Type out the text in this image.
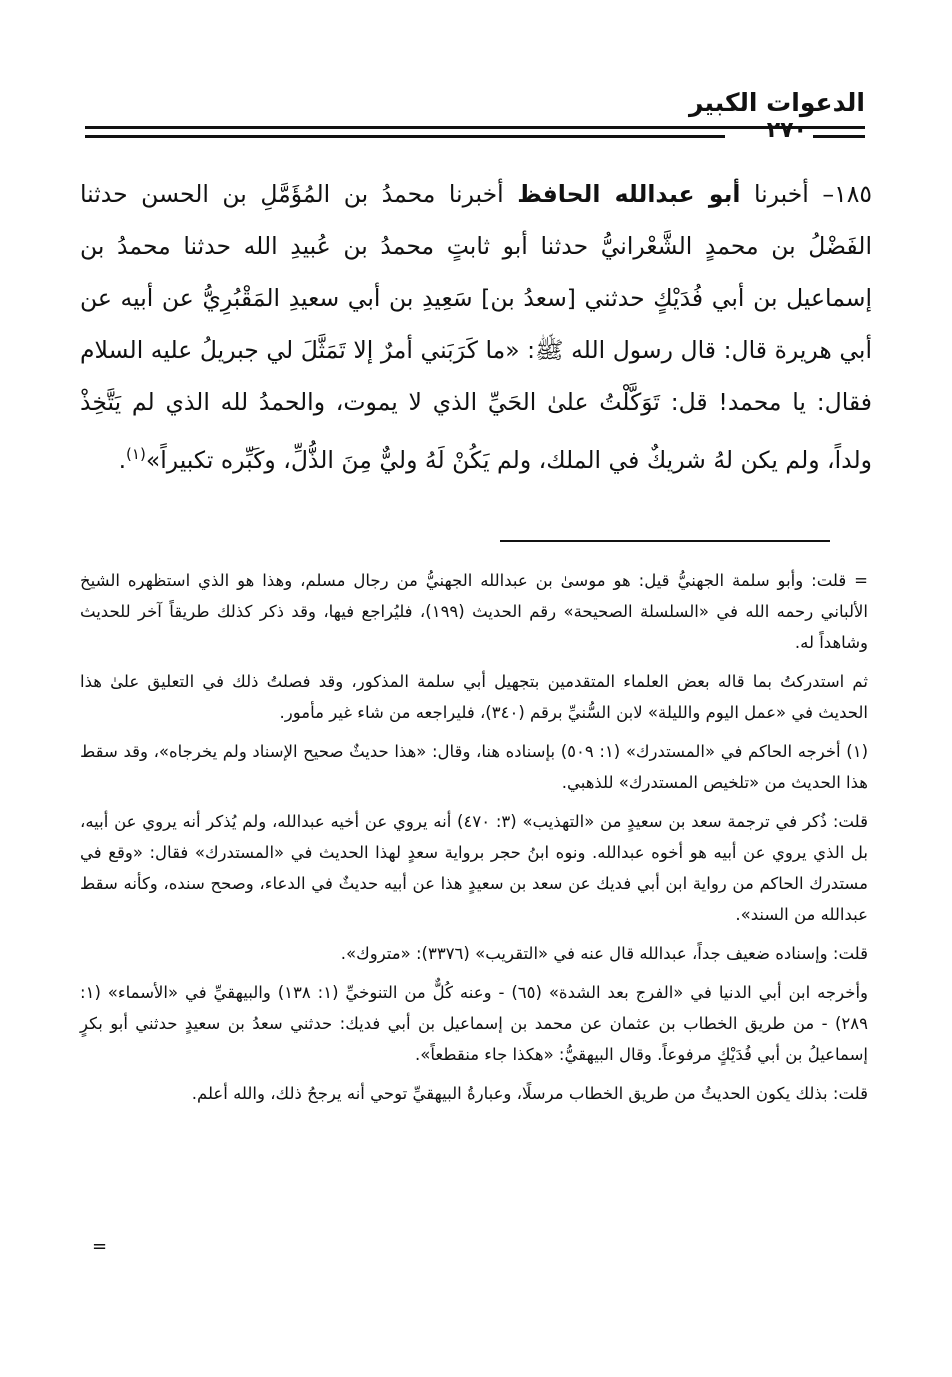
الدعوات الكبير
٢٧٠
١٨٥– أخبرنا أبو عبدالله الحافظ أخبرنا محمدُ بن المُؤَمَّلِ بن الحسن حدثنا الفَضْلُ بن محمدٍ الشَّعْرانيُّ حدثنا أبو ثابتٍ محمدُ بن عُبيدِ الله حدثنا محمدُ بن إسماعيل بن أبي فُدَيْكٍ حدثني [سعدُ بن] سَعِيدِ بن أبي سعيدِ المَقْبُرِيُّ عن أبيه عن أبي هريرة قال: قال رسول الله ﷺ: «ما كَرَبَني أمرٌ إلا تَمَثَّلَ لي جبريلُ عليه السلام فقال: يا محمد! قل: تَوَكَّلْتُ علىٰ الحَيِّ الذي لا يموت، والحمدُ لله الذي لم يَتَّخِذْ ولداً، ولم يكن لهُ شريكٌ في الملك، ولم يَكُنْ لَهُ وليٌّ مِنَ الذُّلِّ، وكَبِّره تكبيراً»$^{(١)}$.

= قلت: وأبو سلمة الجهنيُّ قيل: هو موسىٰ بن عبدالله الجهنيُّ من رجال مسلم، وهذا هو الذي استظهره الشيخ الألباني رحمه الله في «السلسلة الصحيحة» رقم الحديث (١٩٩)، فليُراجع فيها، وقد ذكر كذلك طريقاً آخر للحديث وشاهداً له.

ثم استدركتُ بما قاله بعض العلماء المتقدمين بتجهيل أبي سلمة المذكور، وقد فصلتُ ذلك في التعليق علىٰ هذا الحديث في «عمل اليوم والليلة» لابن السُّنيِّ برقم (٣٤٠)، فليراجعه من شاء غير مأمور.

(١) أخرجه الحاكم في «المستدرك» (١: ٥٠٩) بإسناده هنا، وقال: «هذا حديثٌ صحيح الإسناد ولم يخرجاه»، وقد سقط هذا الحديث من «تلخيص المستدرك» للذهبي.

قلت: ذُكر في ترجمة سعد بن سعيدٍ من «التهذيب» (٣: ٤٧٠) أنه يروي عن أخيه عبدالله، ولم يُذكر أنه يروي عن أبيه، بل الذي يروي عن أبيه هو أخوه عبدالله. ونوه ابنُ حجر برواية سعدٍ لهذا الحديث في «المستدرك» فقال: «وقع في مستدرك الحاكم من رواية ابن أبي فديك عن سعد بن سعيدٍ هذا عن أبيه حديثٌ في الدعاء، وصحح سنده، وكأنه سقط عبدالله من السند».

قلت: وإسناده ضعيف جداً، عبدالله قال عنه في «التقريب» (٣٣٧٦): «متروك».

وأخرجه ابن أبي الدنيا في «الفرج بعد الشدة» (٦٥) - وعنه كُلٌّ من التنوخيِّ (١: ١٣٨) والبيهقيِّ في «الأسماء» (١: ٢٨٩) - من طريق الخطاب بن عثمان عن محمد بن إسماعيل بن أبي فديك: حدثني سعدُ بن سعيدٍ حدثني أبو بكرٍ إسماعيلُ بن أبي فُدَيْكٍ مرفوعاً. وقال البيهقيُّ: «هكذا جاء منقطعاً».

قلت: بذلك يكون الحديثُ من طريق الخطاب مرسلًا، وعبارةُ البيهقيِّ توحي أنه يرجحُ ذلك، والله أعلم.

=
